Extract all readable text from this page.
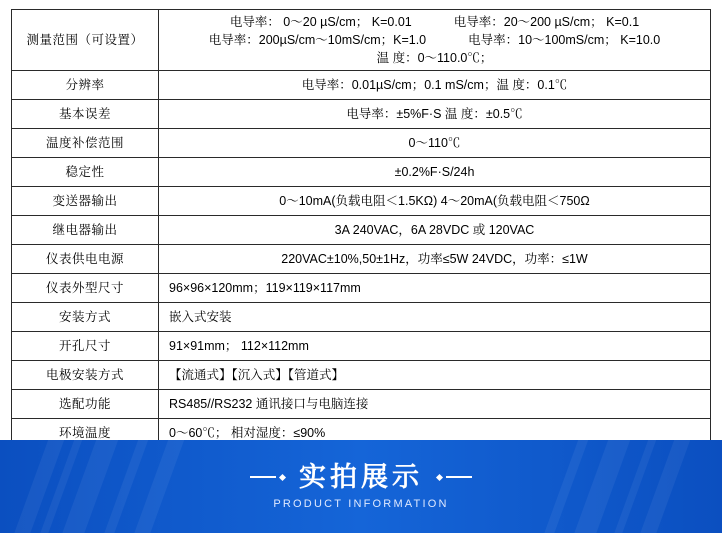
测量范围（可设置）	电导率： 0～20 µS/cm； K=0.01 电导率：20～200 µS/cm； K=0.1
电导率：200µS/cm～10mS/cm；K=1.0 电导率：10～100mS/cm； K=10.0
温 度：0～110.0℃；

分辨率	电导率：0.01µS/cm；0.1 mS/cm；温 度：0.1℃
基本误差	电导率：±5%F·S 温 度：±0.5℃
温度补偿范围	0～110℃
稳定性	±0.2%F·S/24h
变送器输出	0～10mA(负载电阻＜1.5KΩ) 4～20mA(负载电阻＜750Ω
继电器输出	3A 240VAC，6A 28VDC 或 120VAC
仪表供电电源	220VAC±10%,50±1Hz，功率≤5W 24VDC，功率：≤1W
仪表外型尺寸	96×96×120mm；119×119×117mm
安装方式	嵌入式安装
开孔尺寸	91×91mm； 112×112mm
电极安装方式	【流通式】【沉入式】【管道式】
选配功能	RS485//RS232 通讯接口与电脑连接
环境温度	0～60℃； 相对湿度：≤90%

实拍展示
PRODUCT INFORMATION
